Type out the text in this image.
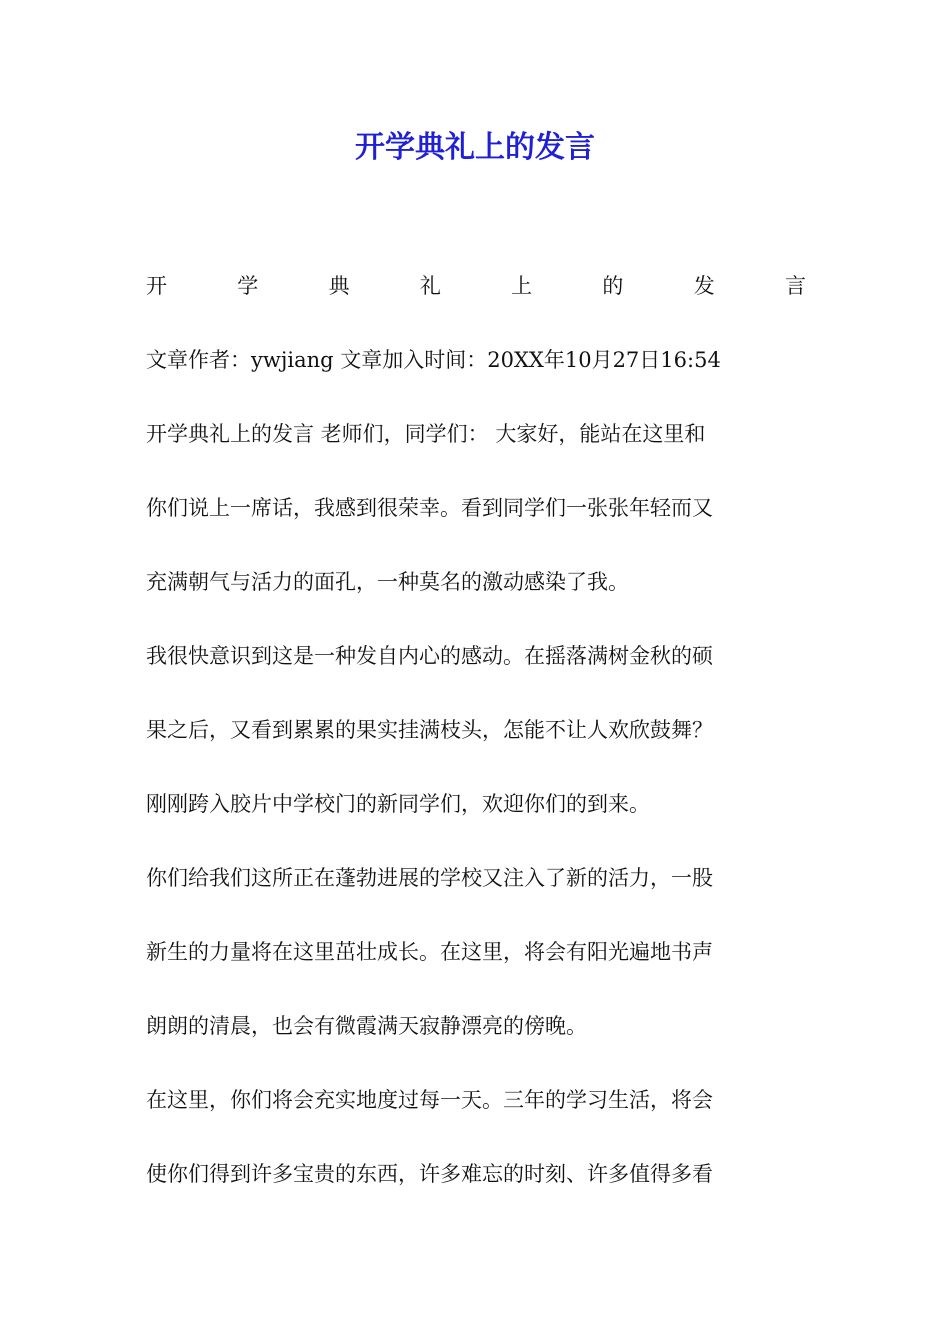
开学典礼上的发言
开	学	典	礼	上	的	发	言
文章作者：ywjiang 文章加入时间：20XX年10月27日16:54
开学典礼上的发言 老师们，同学们： 大家好，能站在这里和
你们说上一席话，我感到很荣幸。看到同学们一张张年轻而又
充满朝气与活力的面孔，一种莫名的激动感染了我。
我很快意识到这是一种发自内心的感动。在摇落满树金秋的硕
果之后，又看到累累的果实挂满枝头，怎能不让人欢欣鼓舞？
刚刚跨入胶片中学校门的新同学们，欢迎你们的到来。
你们给我们这所正在蓬勃进展的学校又注入了新的活力，一股
新生的力量将在这里茁壮成长。在这里，将会有阳光遍地书声
朗朗的清晨，也会有微霞满天寂静漂亮的傍晚。
在这里，你们将会充实地度过每一天。三年的学习生活，将会
使你们得到许多宝贵的东西，许多难忘的时刻、许多值得多看
